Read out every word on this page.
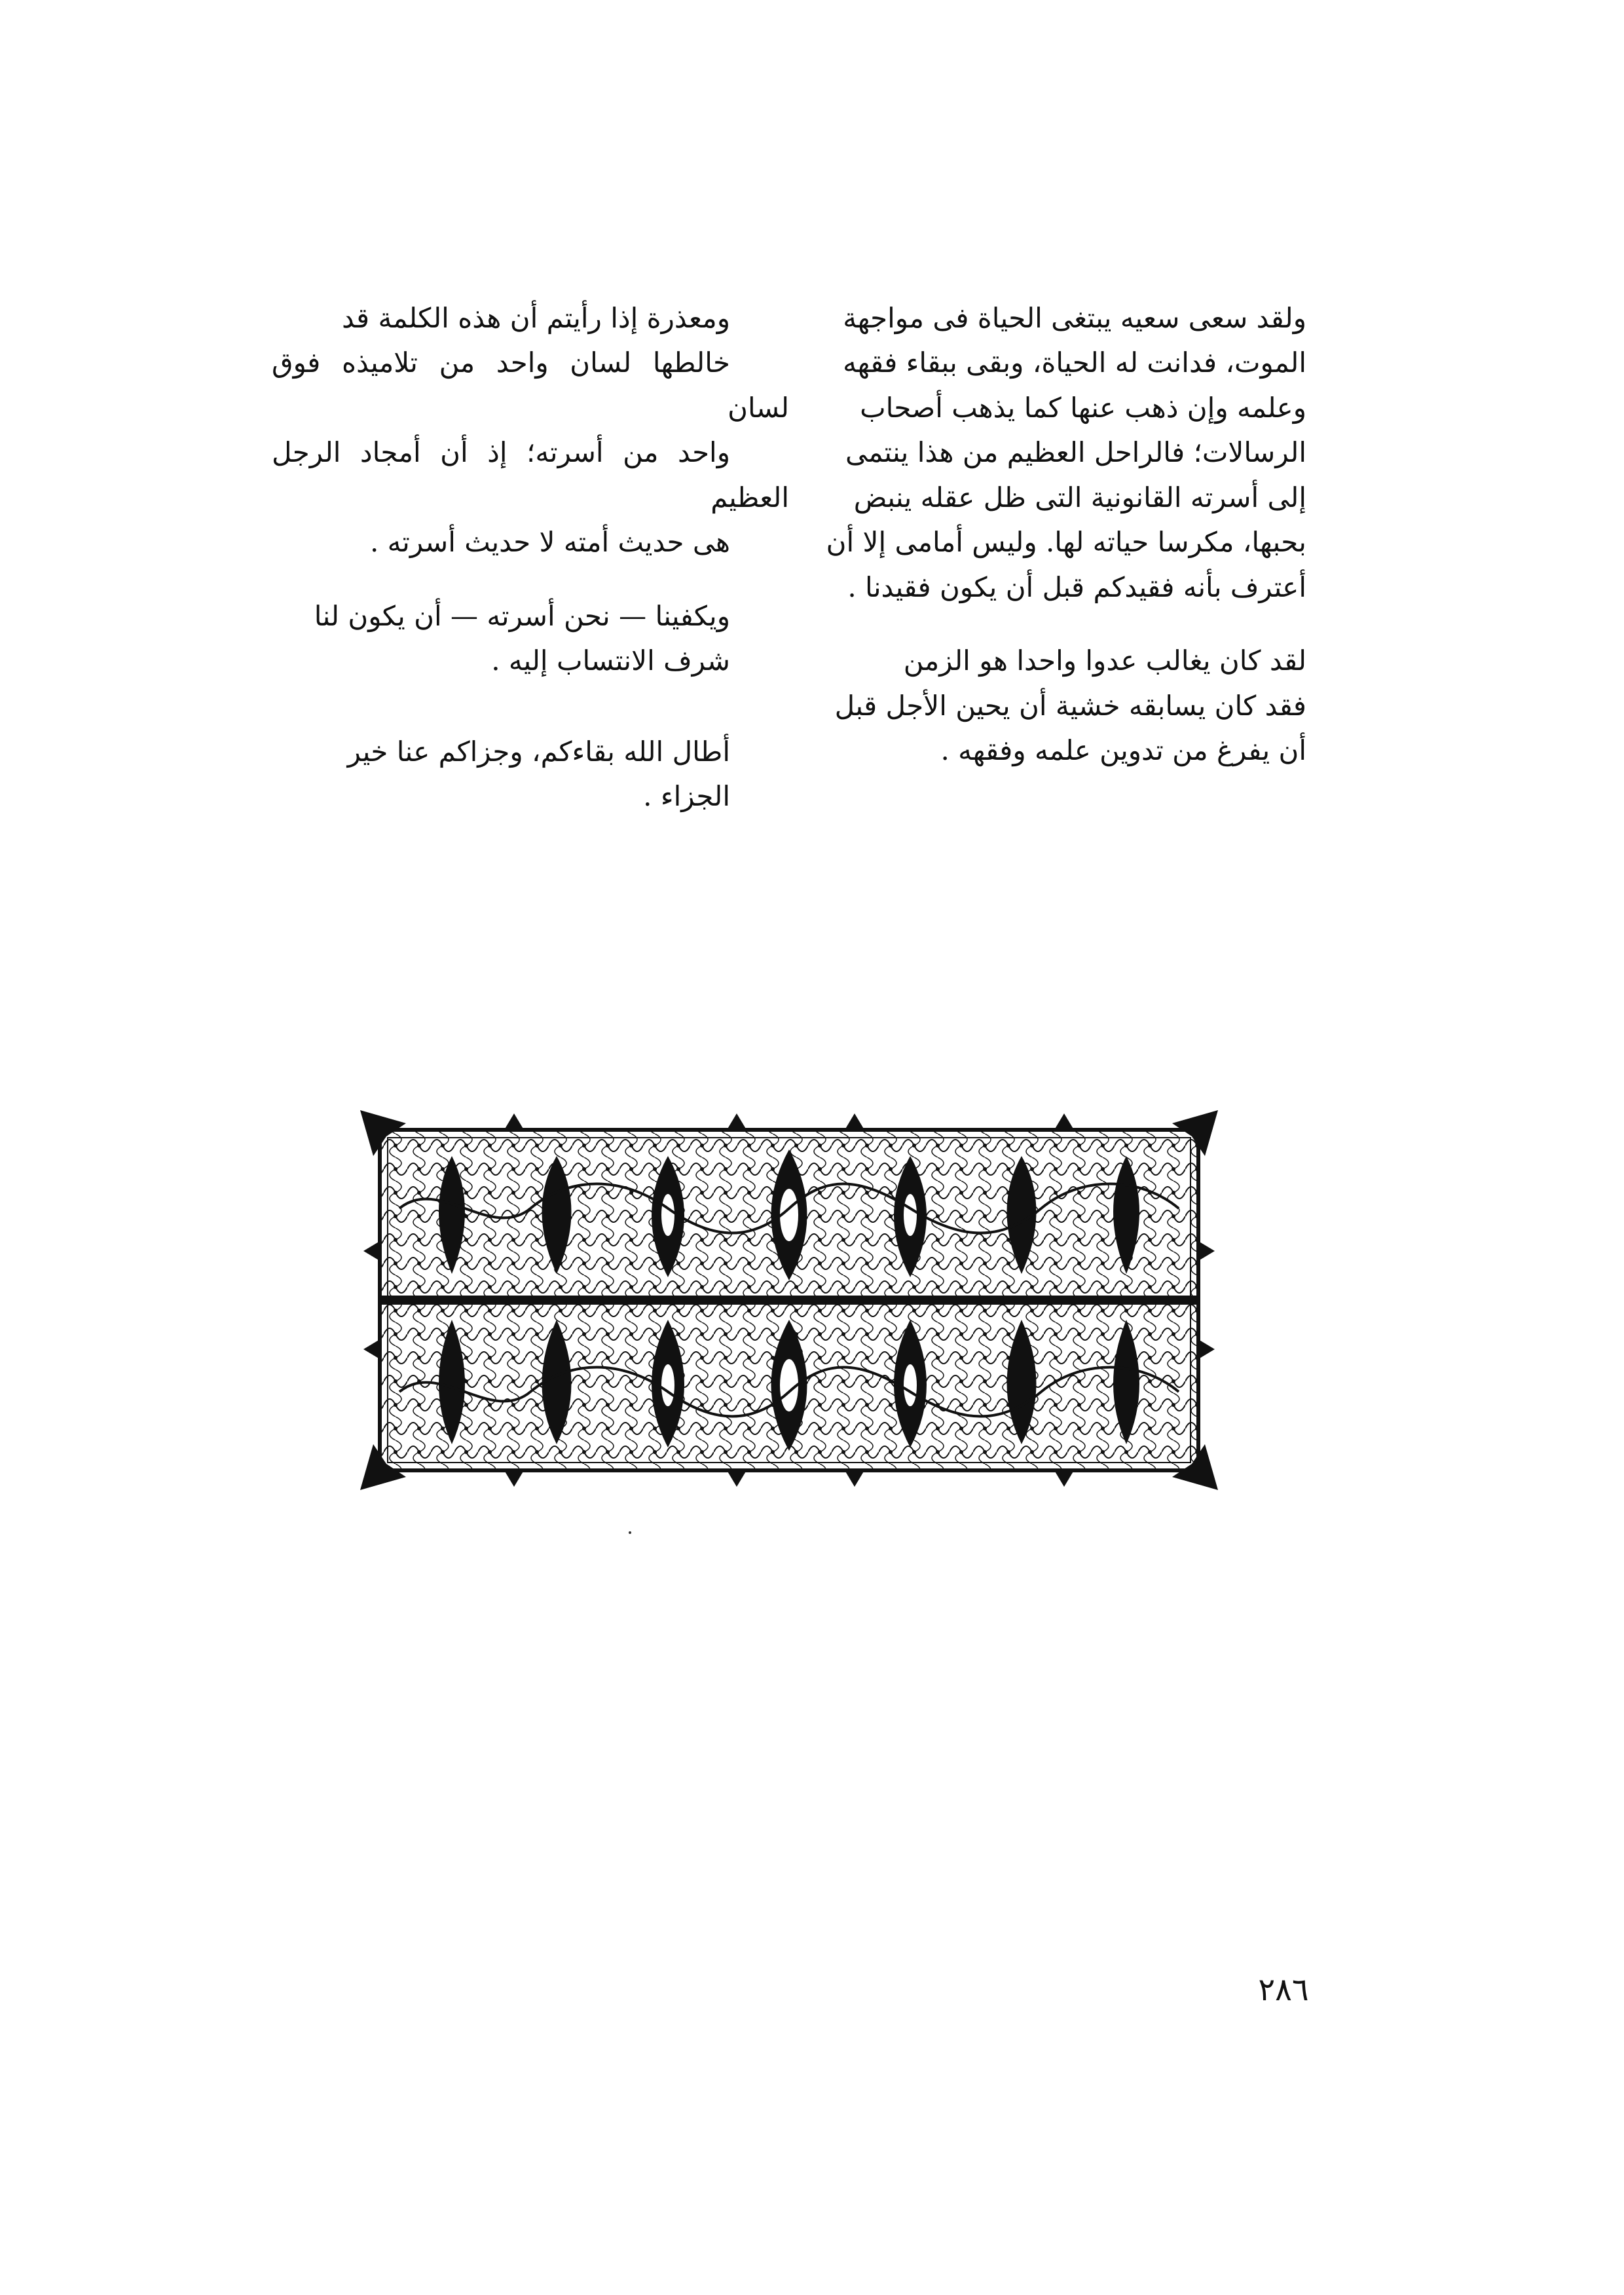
ولقد سعى سعيه يبتغى الحياة فى مواجهة
الموت، فدانت له الحياة، وبقى ببقاء فقهه
وعلمه وإن ذهب عنها كما يذهب أصحاب
الرسالات؛ فالراحل العظيم من هذا ينتمى
إلى أسرته القانونية التى ظل عقله ينبض
بحبها، مكرسا حياته لها. وليس أمامى إلا أن
أعترف بأنه فقيدكم قبل أن يكون فقيدنا .

لقد كان يغالب عدوا واحدا هو الزمن
فقد كان يسابقه خشية أن يحين الأجل قبل
أن يفرغ من تدوين علمه وفقهه .

ومعذرة إذا رأيتم أن هذه الكلمة قد
خالطها لسان واحد من تلاميذه فوق لسان
واحد من أسرته؛ إذ أن أمجاد الرجل العظيم
هى حديث أمته لا حديث أسرته .

ويكفينا — نحن أسرته — أن يكون لنا
شرف الانتساب إليه .

أطال الله بقاءكم، وجزاكم عنا خير
الجزاء .

٢٨٦
